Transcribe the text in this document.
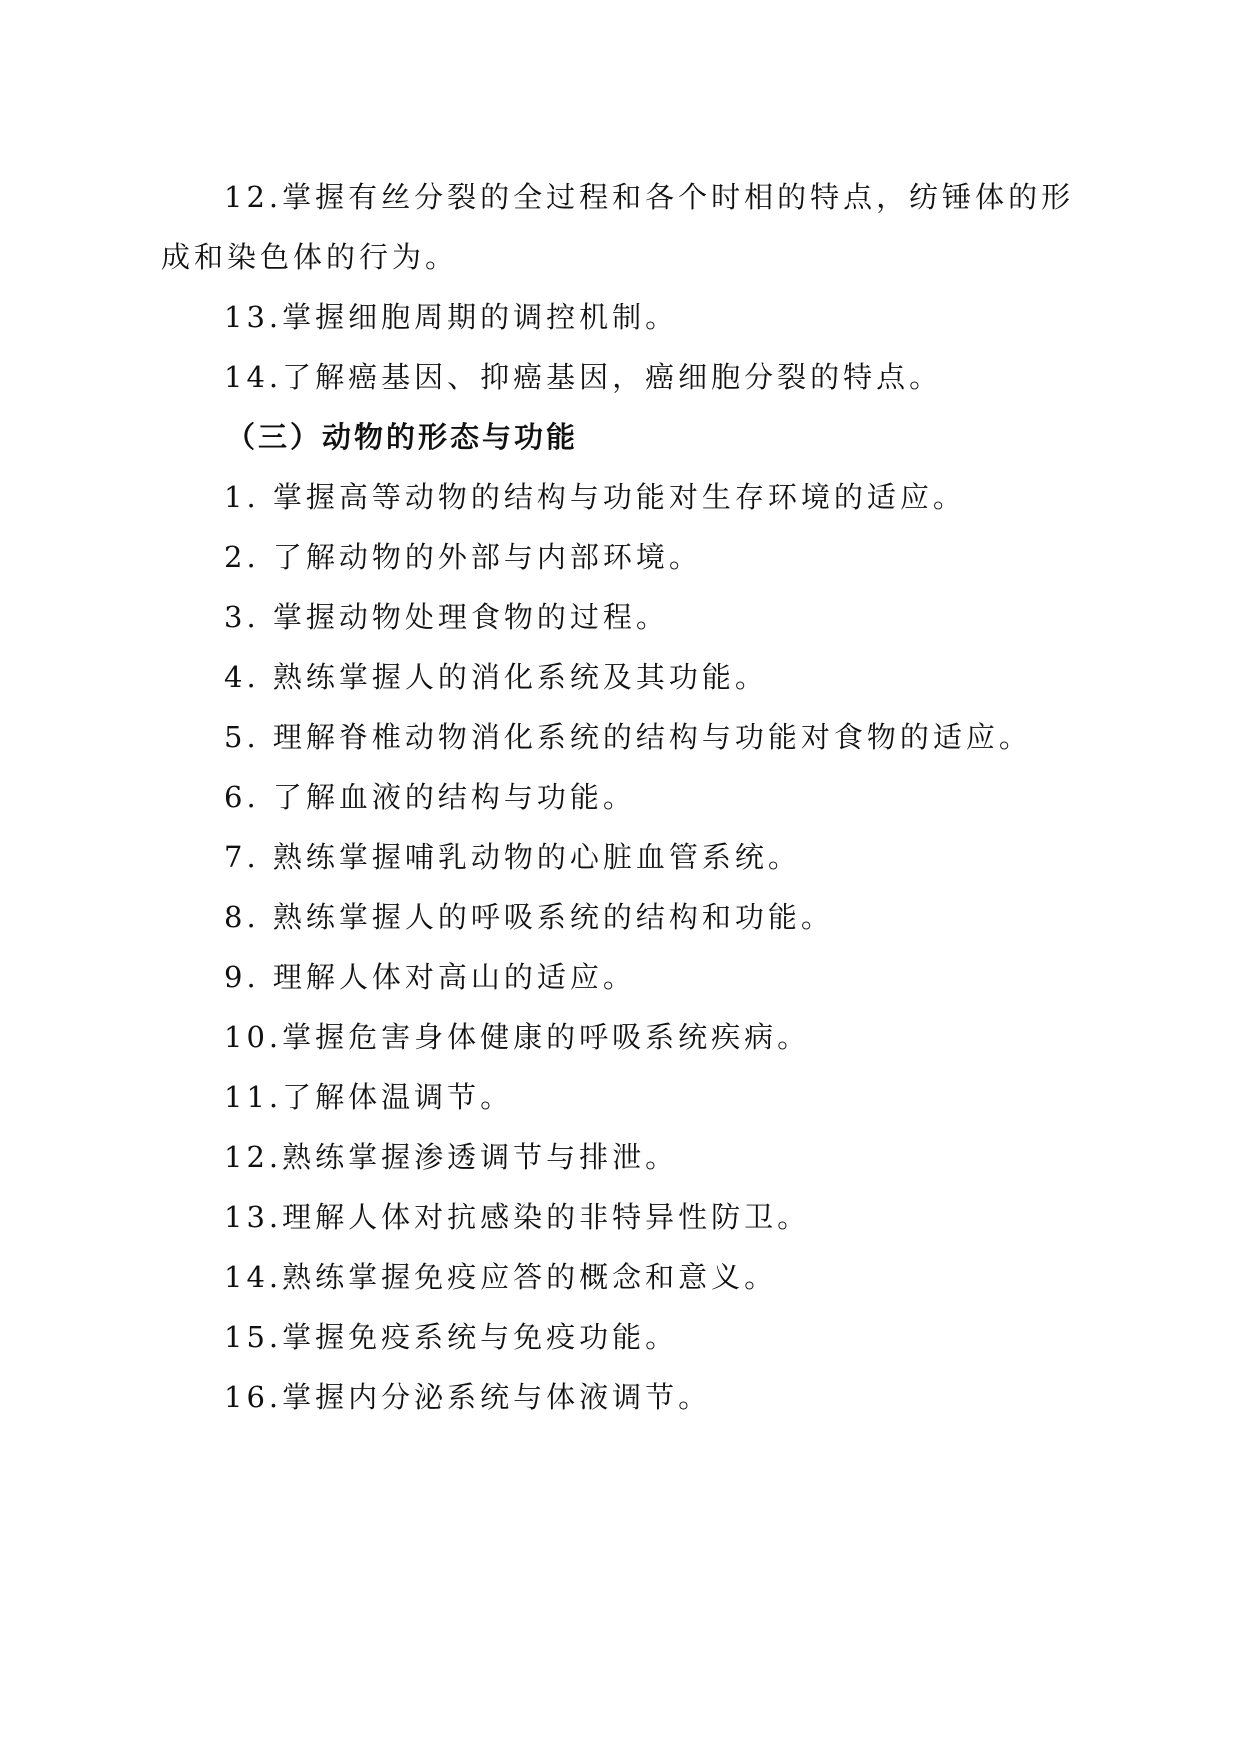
12.掌握有丝分裂的全过程和各个时相的特点，纺锤体的形
成和染色体的行为。
13.掌握细胞周期的调控机制。
14.了解癌基因、抑癌基因，癌细胞分裂的特点。
（三）动物的形态与功能
1. 掌握高等动物的结构与功能对生存环境的适应。
2. 了解动物的外部与内部环境。
3. 掌握动物处理食物的过程。
4. 熟练掌握人的消化系统及其功能。
5. 理解脊椎动物消化系统的结构与功能对食物的适应。
6. 了解血液的结构与功能。
7. 熟练掌握哺乳动物的心脏血管系统。
8. 熟练掌握人的呼吸系统的结构和功能。
9. 理解人体对高山的适应。
10.掌握危害身体健康的呼吸系统疾病。
11.了解体温调节。
12.熟练掌握渗透调节与排泄。
13.理解人体对抗感染的非特异性防卫。
14.熟练掌握免疫应答的概念和意义。
15.掌握免疫系统与免疫功能。
16.掌握内分泌系统与体液调节。
